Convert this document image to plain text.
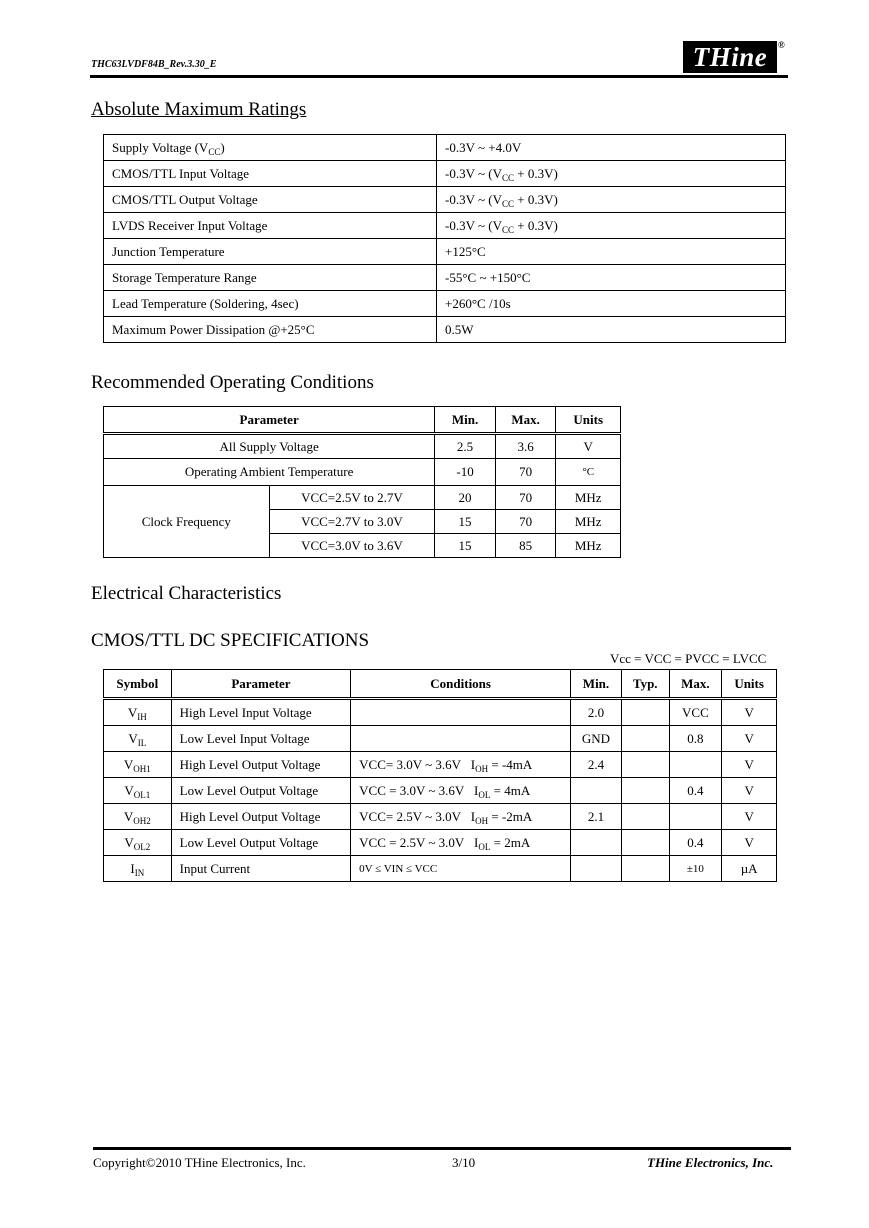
THC63LVDF84B_Rev.3.30_E	THine	®
Absolute Maximum Ratings
Supply Voltage $(V_{CC})$	-0.3V ~ +4.0V
CMOS/TTL Input Voltage	-0.3V ~ $(V_{CC} + 0.3V)$
CMOS/TTL Output Voltage	-0.3V ~ $(V_{CC} + 0.3V)$
LVDS Receiver Input Voltage	-0.3V ~ $(V_{CC} + 0.3V)$
Junction Temperature	+125°C
Storage Temperature Range	-55°C ~ +150°C
Lead Temperature (Soldering, 4sec)	+260°C /10s
Maximum Power Dissipation @+25°C	0.5W
Recommended Operating Conditions
Parameter		Min.	Max.	Units
All Supply Voltage		2.5	3.6	V
Operating Ambient Temperature		-10	70	°C
Clock Frequency	VCC=2.5V to 2.7V	20	70	MHz
	VCC=2.7V to 3.0V	15	70	MHz
	VCC=3.0V to 3.6V	15	85	MHz
Electrical Characteristics
CMOS/TTL DC SPECIFICATIONS
Vcc = VCC = PVCC = LVCC
Symbol	Parameter	Conditions	Min.	Typ.	Max.	Units
$V_{IH}$	High Level Input Voltage		2.0		VCC	V
$V_{IL}$	Low Level Input Voltage		GND		0.8	V
$V_{OH1}$	High Level Output Voltage	VCC= 3.0V ~ 3.6V $I_{OH} = -4mA$	2.4			V
$V_{OL1}$	Low Level Output Voltage	VCC = 3.0V ~ 3.6V $I_{OL} = 4mA$			0.4	V
$V_{OH2}$	High Level Output Voltage	VCC= 2.5V ~ 3.0V $I_{OH} = -2mA$	2.1			V
$V_{OL2}$	Low Level Output Voltage	VCC = 2.5V ~ 3.0V $I_{OL} = 2mA$			0.4	V
$I_{IN}$	Input Current	0V ≤ VIN ≤ VCC			±10	µA
Copyright©2010 THine Electronics, Inc.	3/10	THine Electronics, Inc.
